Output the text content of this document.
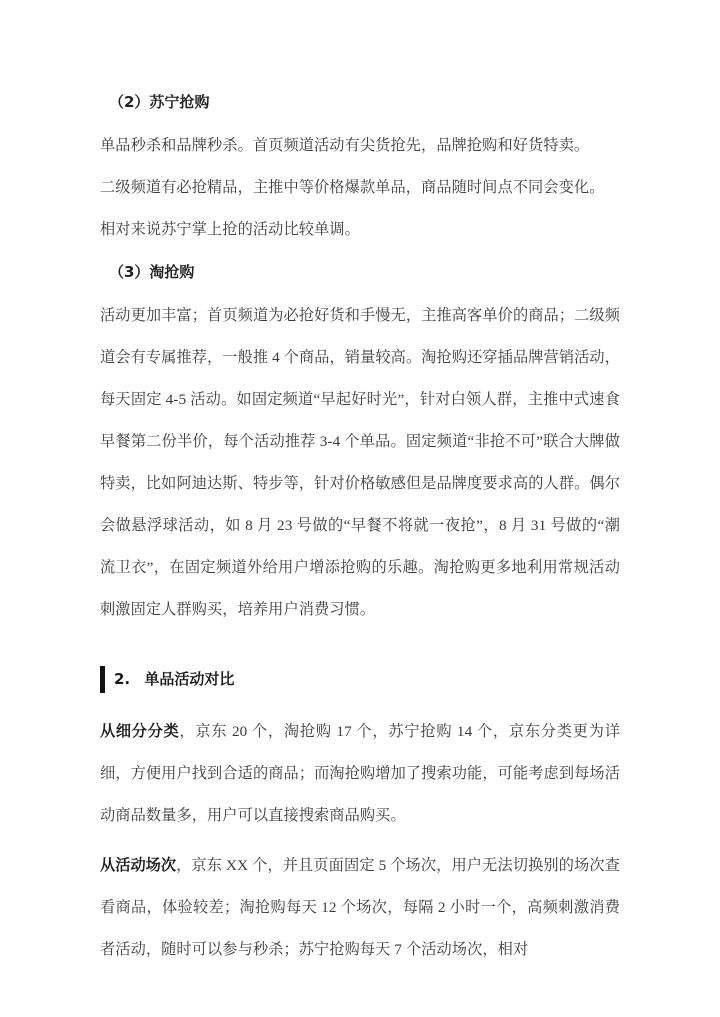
（2）苏宁抢购

单品秒杀和品牌秒杀。首页频道活动有尖货抢先，品牌抢购和好货特卖。

二级频道有必抢精品，主推中等价格爆款单品，商品随时间点不同会变化。

相对来说苏宁掌上抢的活动比较单调。

（3）淘抢购

活动更加丰富；首页频道为必抢好货和手慢无，主推高客单价的商品；二级频道会有专属推荐，一般推 4 个商品，销量较高。淘抢购还穿插品牌营销活动，每天固定 4-5 活动。如固定频道“早起好时光”，针对白领人群，主推中式速食早餐第二份半价，每个活动推荐 3-4 个单品。固定频道“非抢不可”联合大牌做特卖，比如阿迪达斯、特步等，针对价格敏感但是品牌度要求高的人群。偶尔会做悬浮球活动，如 8 月 23 号做的“早餐不将就一夜抢”，8 月 31 号做的“潮流卫衣”，在固定频道外给用户增添抢购的乐趣。淘抢购更多地利用常规活动刺激固定人群购买，培养用户消费习惯。

2. 单品活动对比

从细分分类，京东 20 个，淘抢购 17 个，苏宁抢购 14 个，京东分类更为详细，方便用户找到合适的商品；而淘抢购增加了搜索功能，可能考虑到每场活动商品数量多，用户可以直接搜索商品购买。

从活动场次，京东 XX 个，并且页面固定 5 个场次，用户无法切换别的场次查看商品，体验较差；淘抢购每天 12 个场次，每隔 2 小时一个，高频刺激消费者活动，随时可以参与秒杀；苏宁抢购每天 7 个活动场次，相对
